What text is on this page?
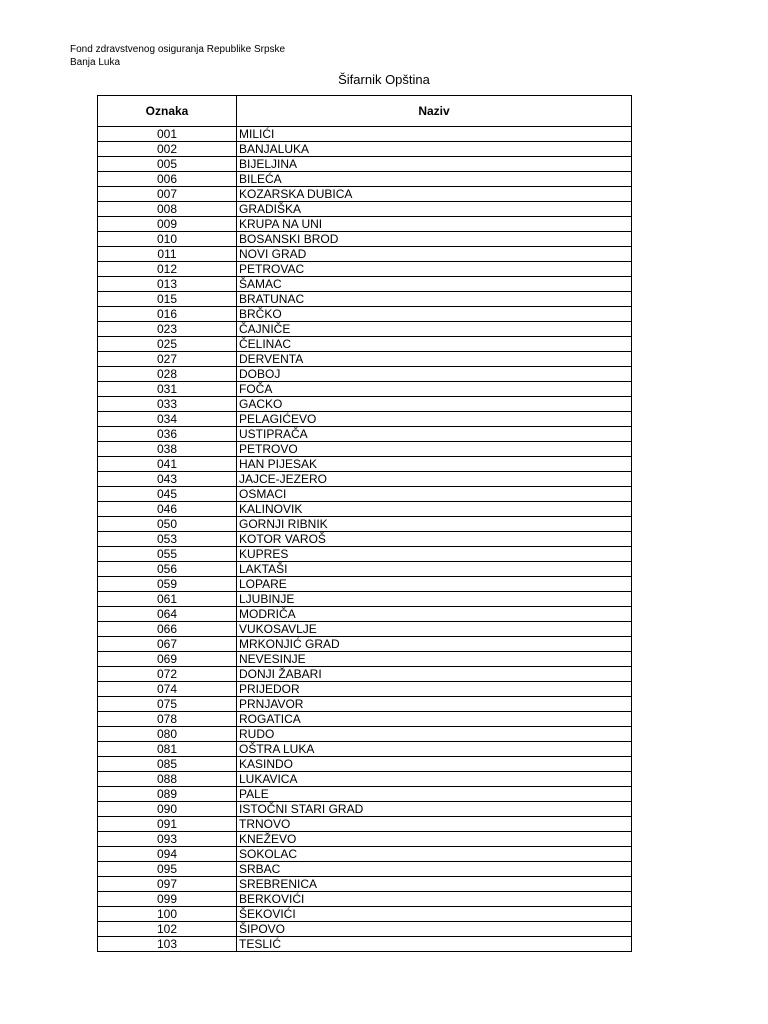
Fond zdravstvenog osiguranja Republike Srpske
Banja Luka
Šifarnik Opština
Oznaka	Naziv
001	MILIĆI
002	BANJALUKA
005	BIJELJINA
006	BILEĆA
007	KOZARSKA DUBICA
008	GRADIŠKA
009	KRUPA NA UNI
010	BOSANSKI BROD
011	NOVI GRAD
012	PETROVAC
013	ŠAMAC
015	BRATUNAC
016	BRČKO
023	ČAJNIČE
025	ČELINAC
027	DERVENTA
028	DOBOJ
031	FOČA
033	GACKO
034	PELAGIĆEVO
036	USTIPRAČA
038	PETROVO
041	HAN PIJESAK
043	JAJCE-JEZERO
045	OSMACI
046	KALINOVIK
050	GORNJI RIBNIK
053	KOTOR VAROŠ
055	KUPRES
056	LAKTAŠI
059	LOPARE
061	LJUBINJE
064	MODRIČA
066	VUKOSAVLJE
067	MRKONJIĆ GRAD
069	NEVESINJE
072	DONJI ŽABARI
074	PRIJEDOR
075	PRNJAVOR
078	ROGATICA
080	RUDO
081	OŠTRA LUKA
085	KASINDO
088	LUKAVICA
089	PALE
090	ISTOČNI STARI GRAD
091	TRNOVO
093	KNEŽEVO
094	SOKOLAC
095	SRBAC
097	SREBRENICA
099	BERKOVIĆI
100	ŠEKOVIĆI
102	ŠIPOVO
103	TESLIĆ
